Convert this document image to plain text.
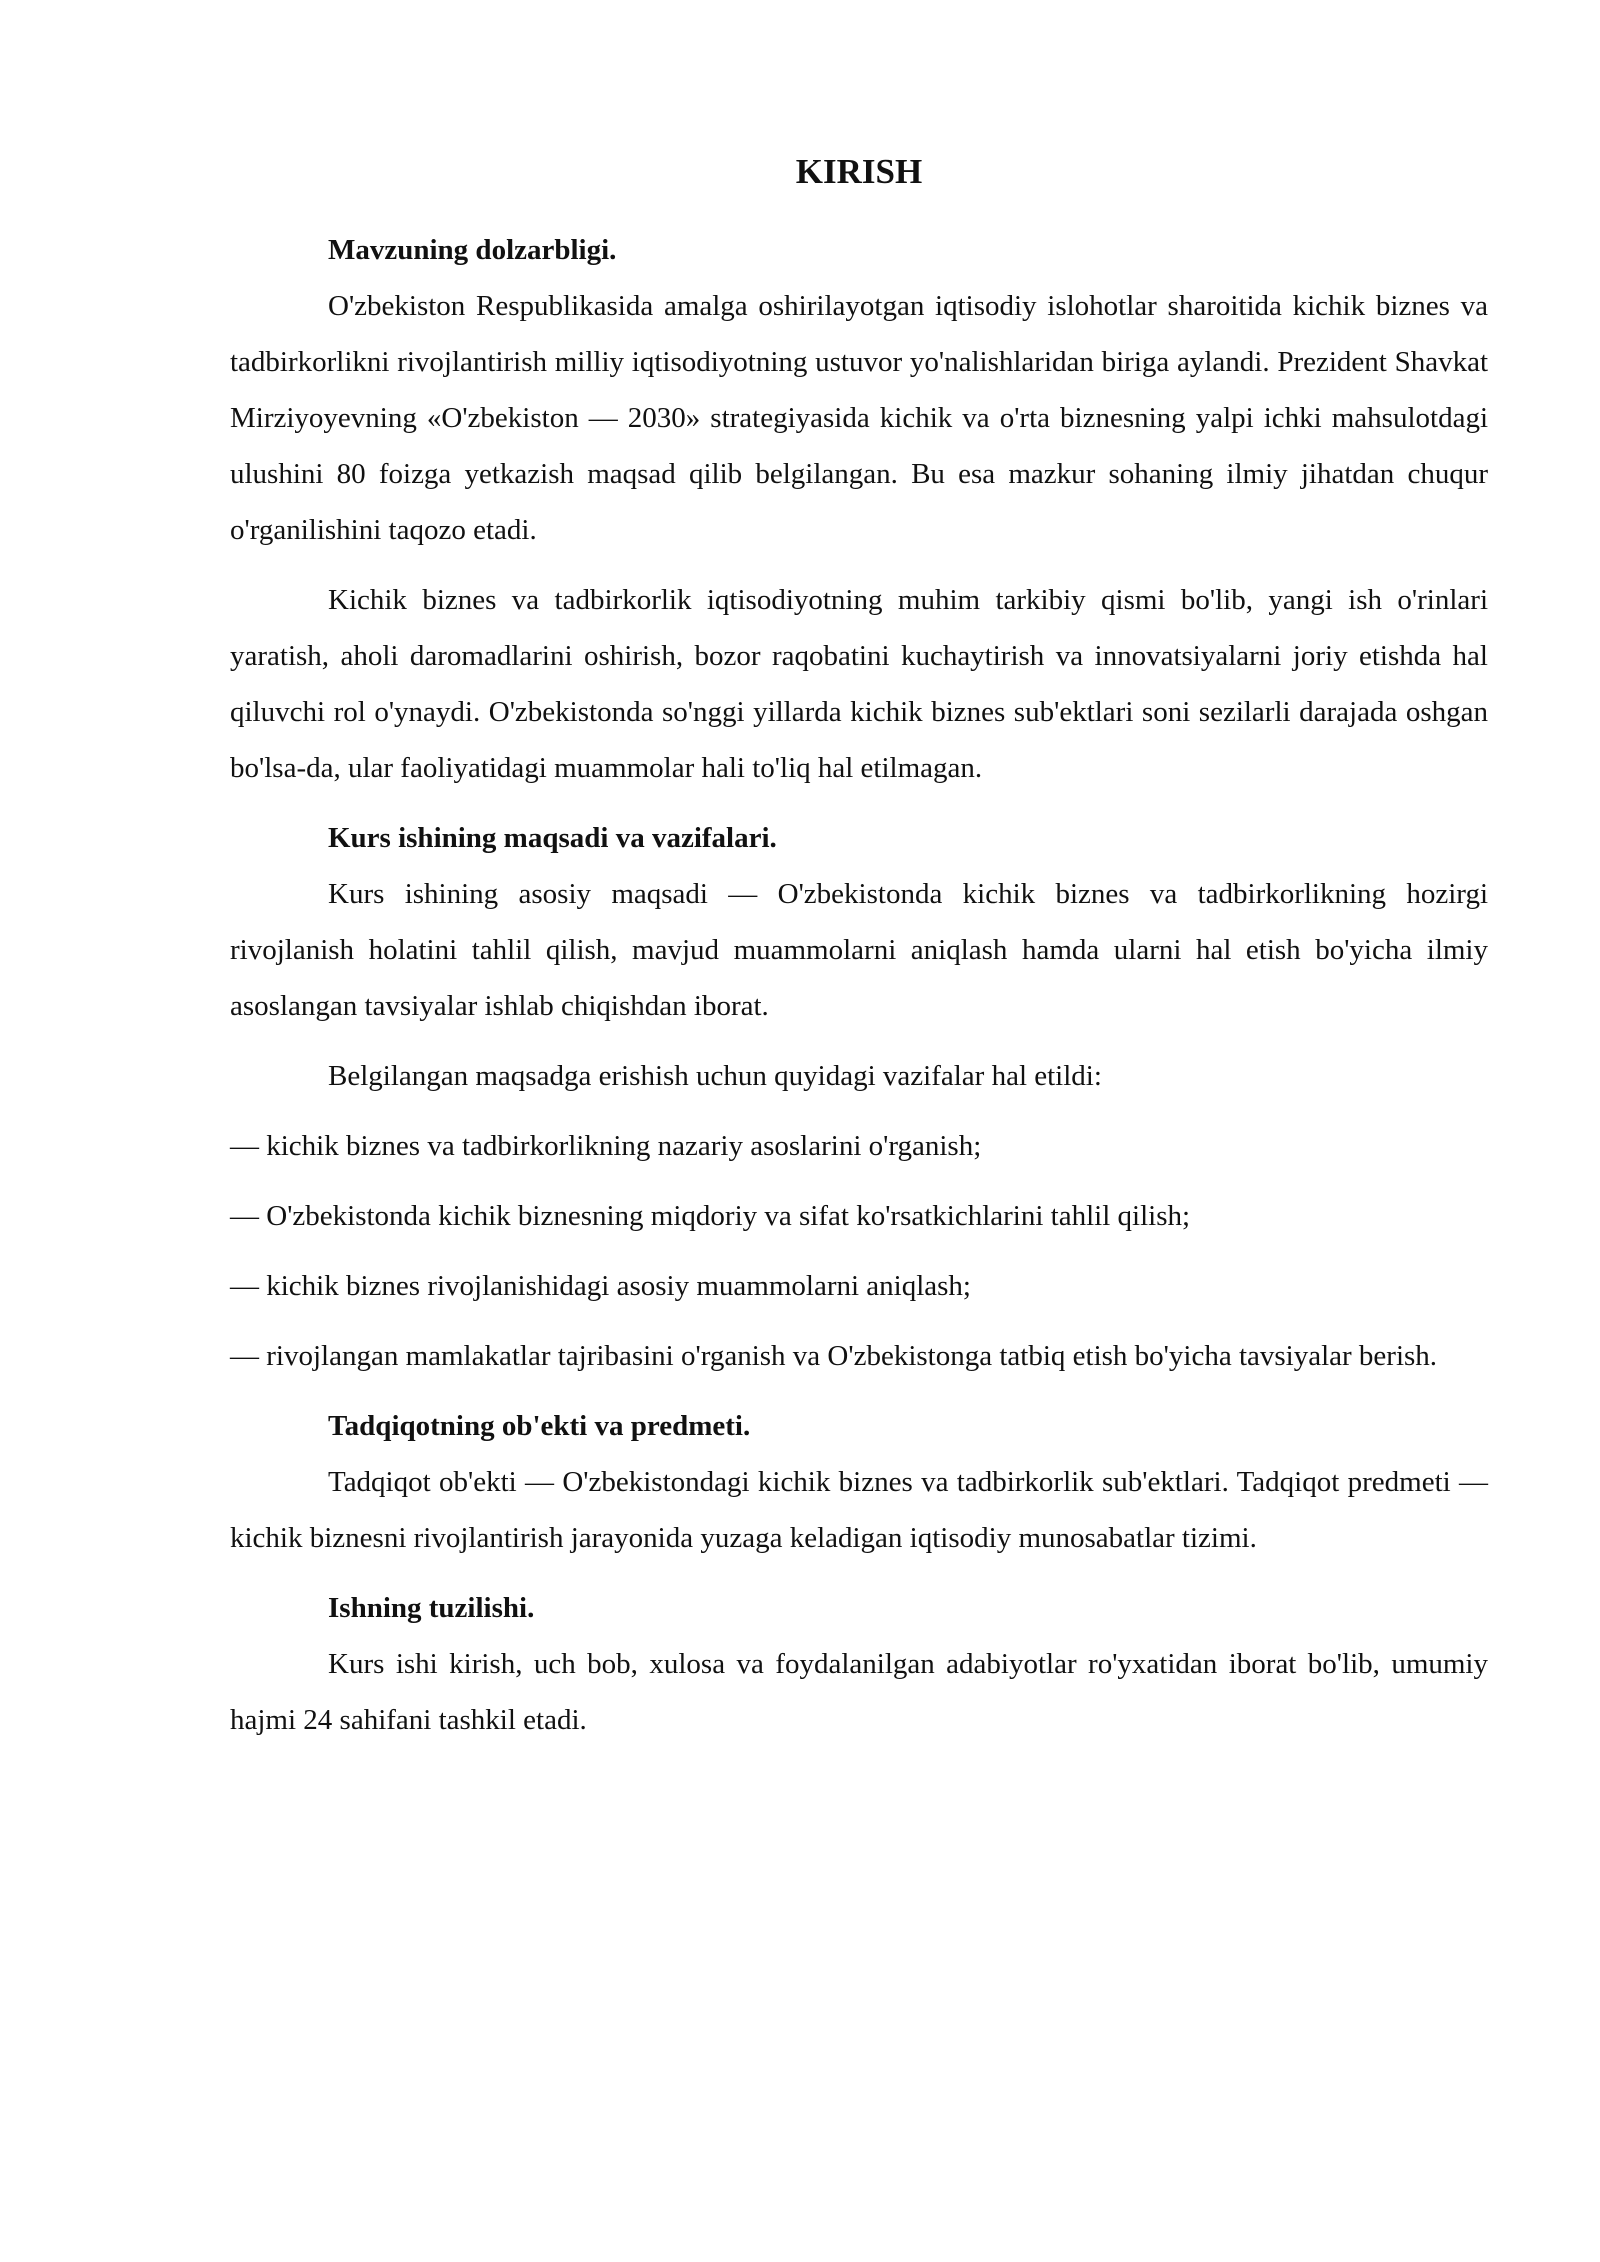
KIRISH

Mavzuning dolzarbligi.

O'zbekiston Respublikasida amalga oshirilayotgan iqtisodiy islohotlar sharoitida kichik biznes va tadbirkorlikni rivojlantirish milliy iqtisodiyotning ustuvor yo'nalishlaridan biriga aylandi. Prezident Shavkat Mirziyoyevning «O'zbekiston — 2030» strategiyasida kichik va o'rta biznesning yalpi ichki mahsulotdagi ulushini 80 foizga yetkazish maqsad qilib belgilangan. Bu esa mazkur sohaning ilmiy jihatdan chuqur o'rganilishini taqozo etadi.

Kichik biznes va tadbirkorlik iqtisodiyotning muhim tarkibiy qismi bo'lib, yangi ish o'rinlari yaratish, aholi daromadlarini oshirish, bozor raqobatini kuchaytirish va innovatsiyalarni joriy etishda hal qiluvchi rol o'ynaydi. O'zbekistonda so'nggi yillarda kichik biznes sub'ektlari soni sezilarli darajada oshgan bo'lsa-da, ular faoliyatidagi muammolar hali to'liq hal etilmagan.

Kurs ishining maqsadi va vazifalari.

Kurs ishining asosiy maqsadi — O'zbekistonda kichik biznes va tadbirkorlikning hozirgi rivojlanish holatini tahlil qilish, mavjud muammolarni aniqlash hamda ularni hal etish bo'yicha ilmiy asoslangan tavsiyalar ishlab chiqishdan iborat.

Belgilangan maqsadga erishish uchun quyidagi vazifalar hal etildi:

— kichik biznes va tadbirkorlikning nazariy asoslarini o'rganish;

— O'zbekistonda kichik biznesning miqdoriy va sifat ko'rsatkichlarini tahlil qilish;

— kichik biznes rivojlanishidagi asosiy muammolarni aniqlash;

— rivojlangan mamlakatlar tajribasini o'rganish va O'zbekistonga tatbiq etish bo'yicha tavsiyalar berish.

Tadqiqotning ob'ekti va predmeti.

Tadqiqot ob'ekti — O'zbekistondagi kichik biznes va tadbirkorlik sub'ektlari. Tadqiqot predmeti — kichik biznesni rivojlantirish jarayonida yuzaga keladigan iqtisodiy munosabatlar tizimi.

Ishning tuzilishi.

Kurs ishi kirish, uch bob, xulosa va foydalanilgan adabiyotlar ro'yxatidan iborat bo'lib, umumiy hajmi 24 sahifani tashkil etadi.
